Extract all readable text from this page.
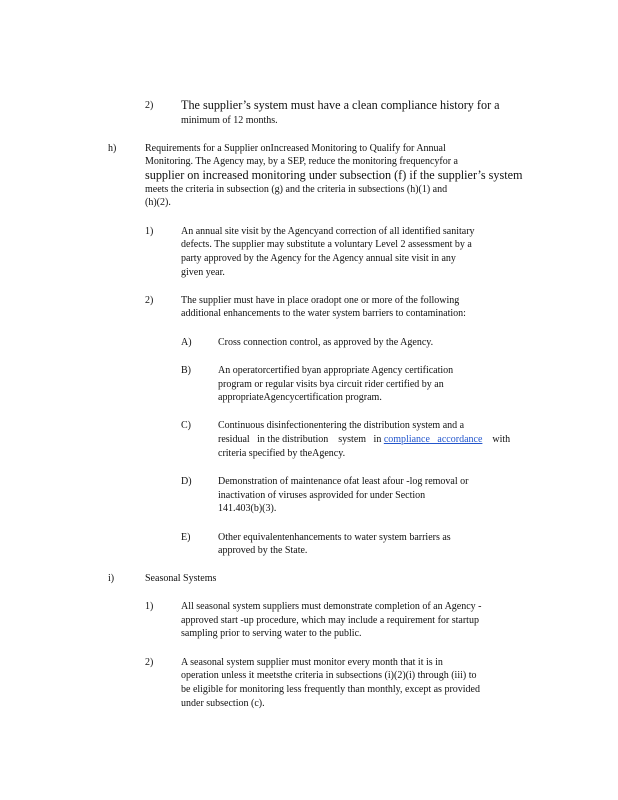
2) The supplier’s system must have a clean compliance history for a
minimum of 12 months.
h)	Requirements for a Supplier onIncreased Monitoring to Qualify for Annual
Monitoring. The Agency may, by a SEP, reduce the monitoring frequencyfor a
supplier on increased monitoring under subsection (f) if the supplier’s system
meets the criteria in subsection (g) and the criteria in subsections (h)(1) and
(h)(2).
1)	An annual site visit by the Agencyand correction of all identified sanitary
defects. The supplier may substitute a voluntary Level 2 assessment by a
party approved by the Agency for the Agency annual site visit in any
given year.
2)	The supplier must have in place oradopt one or more of the following
additional enhancements to the water system barriers to contamination:
A)	Cross connection control, as approved by the Agency.
B)	An operatorcertified byan appropriate Agency certification
program or regular visits bya circuit rider certified by an
appropriateAgencycertification program.
C)	Continuous disinfectionentering the distribution system and a
residual   in the distribution    system   in compliance   accordance    with
criteria specified by theAgency.
D)	Demonstration of maintenance ofat least afour -log removal or
inactivation of viruses asprovided for under Section
141.403(b)(3).
E)	Other equivalentenhancements to water system barriers as
approved by the State.
i)	Seasonal Systems
1)	All seasonal system suppliers must demonstrate completion of an Agency -
approved start -up procedure, which may include a requirement for startup
sampling prior to serving water to the public.
2)	A seasonal system supplier must monitor every month that it is in
operation unless it meetsthe criteria in subsections (i)(2)(i) through (iii) to
be eligible for monitoring less frequently than monthly, except as provided
under subsection (c).
